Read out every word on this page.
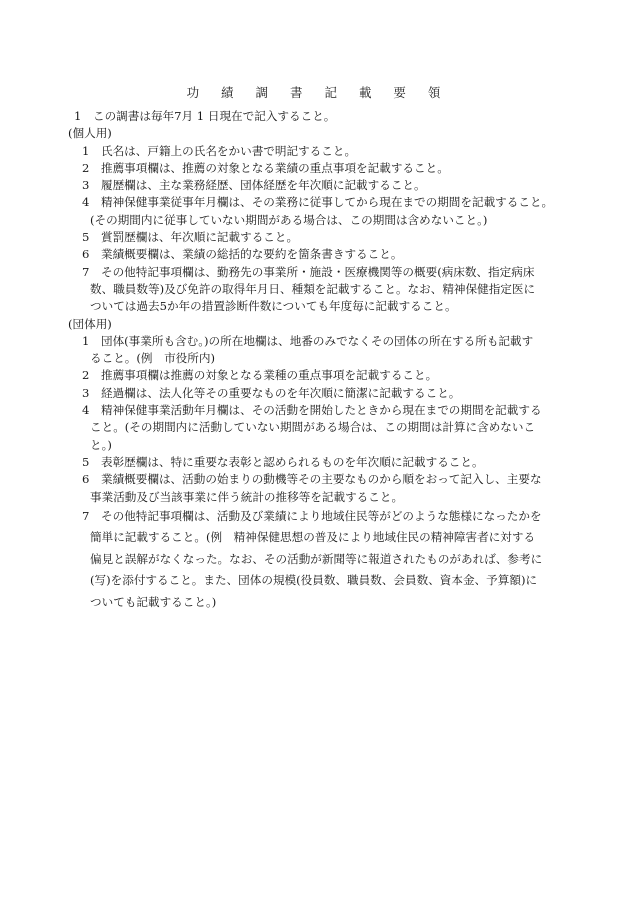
功 績 調 書 記 載 要 領
1　この調書は毎年7月 1 日現在で記入すること。
(個人用)
1　氏名は、戸籍上の氏名をかい書で明記すること。
2　推薦事項欄は、推薦の対象となる業績の重点事項を記載すること。
3　履歴欄は、主な業務経歴、団体経歴を年次順に記載すること。
4　精神保健事業従事年月欄は、その業務に従事してから現在までの期間を記載すること。
(その期間内に従事していない期間がある場合は、この期間は含めないこと。)
5　賞罰歴欄は、年次順に記載すること。
6　業績概要欄は、業績の総括的な要約を箇条書きすること。
7　その他特記事項欄は、勤務先の事業所・施設・医療機関等の概要(病床数、指定病床
数、職員数等)及び免許の取得年月日、種類を記載すること。なお、精神保健指定医に
ついては過去5か年の措置診断件数についても年度毎に記載すること。
(団体用)
1　団体(事業所も含む。)の所在地欄は、地番のみでなくその団体の所在する所も記載す
ること。(例　市役所内)
2　推薦事項欄は推薦の対象となる業種の重点事項を記載すること。
3　経過欄は、法人化等その重要なものを年次順に簡潔に記載すること。
4　精神保健事業活動年月欄は、その活動を開始したときから現在までの期間を記載する
こと。(その期間内に活動していない期間がある場合は、この期間は計算に含めないこ
と。)
5　表彰歴欄は、特に重要な表彰と認められるものを年次順に記載すること。
6　業績概要欄は、活動の始まりの動機等その主要なものから順をおって記入し、主要な
事業活動及び当該事業に伴う統計の推移等を記載すること。
7　その他特記事項欄は、活動及び業績により地域住民等がどのような態様になったかを
簡単に記載すること。(例　精神保健思想の普及により地域住民の精神障害者に対する
偏見と誤解がなくなった。なお、その活動が新聞等に報道されたものがあれば、参考に
(写)を添付すること。また、団体の規模(役員数、職員数、会員数、資本金、予算額)に
ついても記載すること。)
